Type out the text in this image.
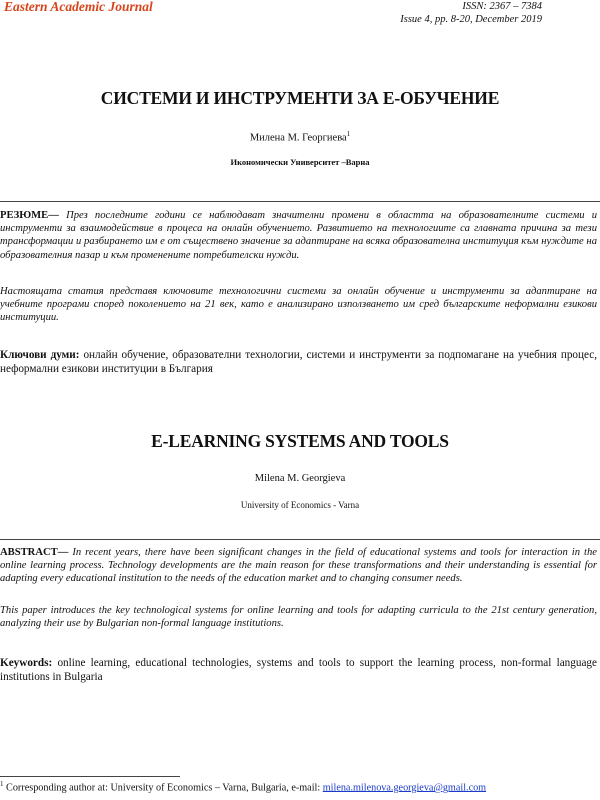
Eastern Academic Journal	ISSN: 2367 – 7384
Issue 4, pp. 8-20, December 2019
СИСТЕМИ И ИНСТРУМЕНТИ ЗА Е-ОБУЧЕНИЕ
Милена М. Георгиева$^1$
Икономически Университет –Варна
РЕЗЮМЕ— През последните години се наблюдават значителни промени в областта на образователните системи и инструменти за взаимодействие в процеса на онлайн обучението. Развитието на технологиите са главната причина за тези трансформации и разбирането им е от съществено значение за адаптиране на всяка образователна институция към нуждите на образователния пазар и към променените потребителски нужди.
Настоящата статия представя ключовите технологични системи за онлайн обучение и инструменти за адаптиране на учебните програми според поколението на 21 век, като е анализирано използването им сред българските неформални езикови институции.
Ключови думи: онлайн обучение, образователни технологии, системи и инструменти за подпомагане на учебния процес, неформални езикови институции в България
E-LEARNING SYSTEMS AND TOOLS
Milena M. Georgieva
University of Economics - Varna
ABSTRACT— In recent years, there have been significant changes in the field of educational systems and tools for interaction in the online learning process. Technology developments are the main reason for these transformations and their understanding is essential for adapting every educational institution to the needs of the education market and to changing consumer needs.
This paper introduces the key technological systems for online learning and tools for adapting curricula to the 21st century generation, analyzing their use by Bulgarian non-formal language institutions.
Keywords: online learning, educational technologies, systems and tools to support the learning process, non-formal language institutions in Bulgaria
$^1$ Corresponding author at: University of Economics – Varna, Bulgaria, e-mail: milena.milenova.georgieva@gmail.com
